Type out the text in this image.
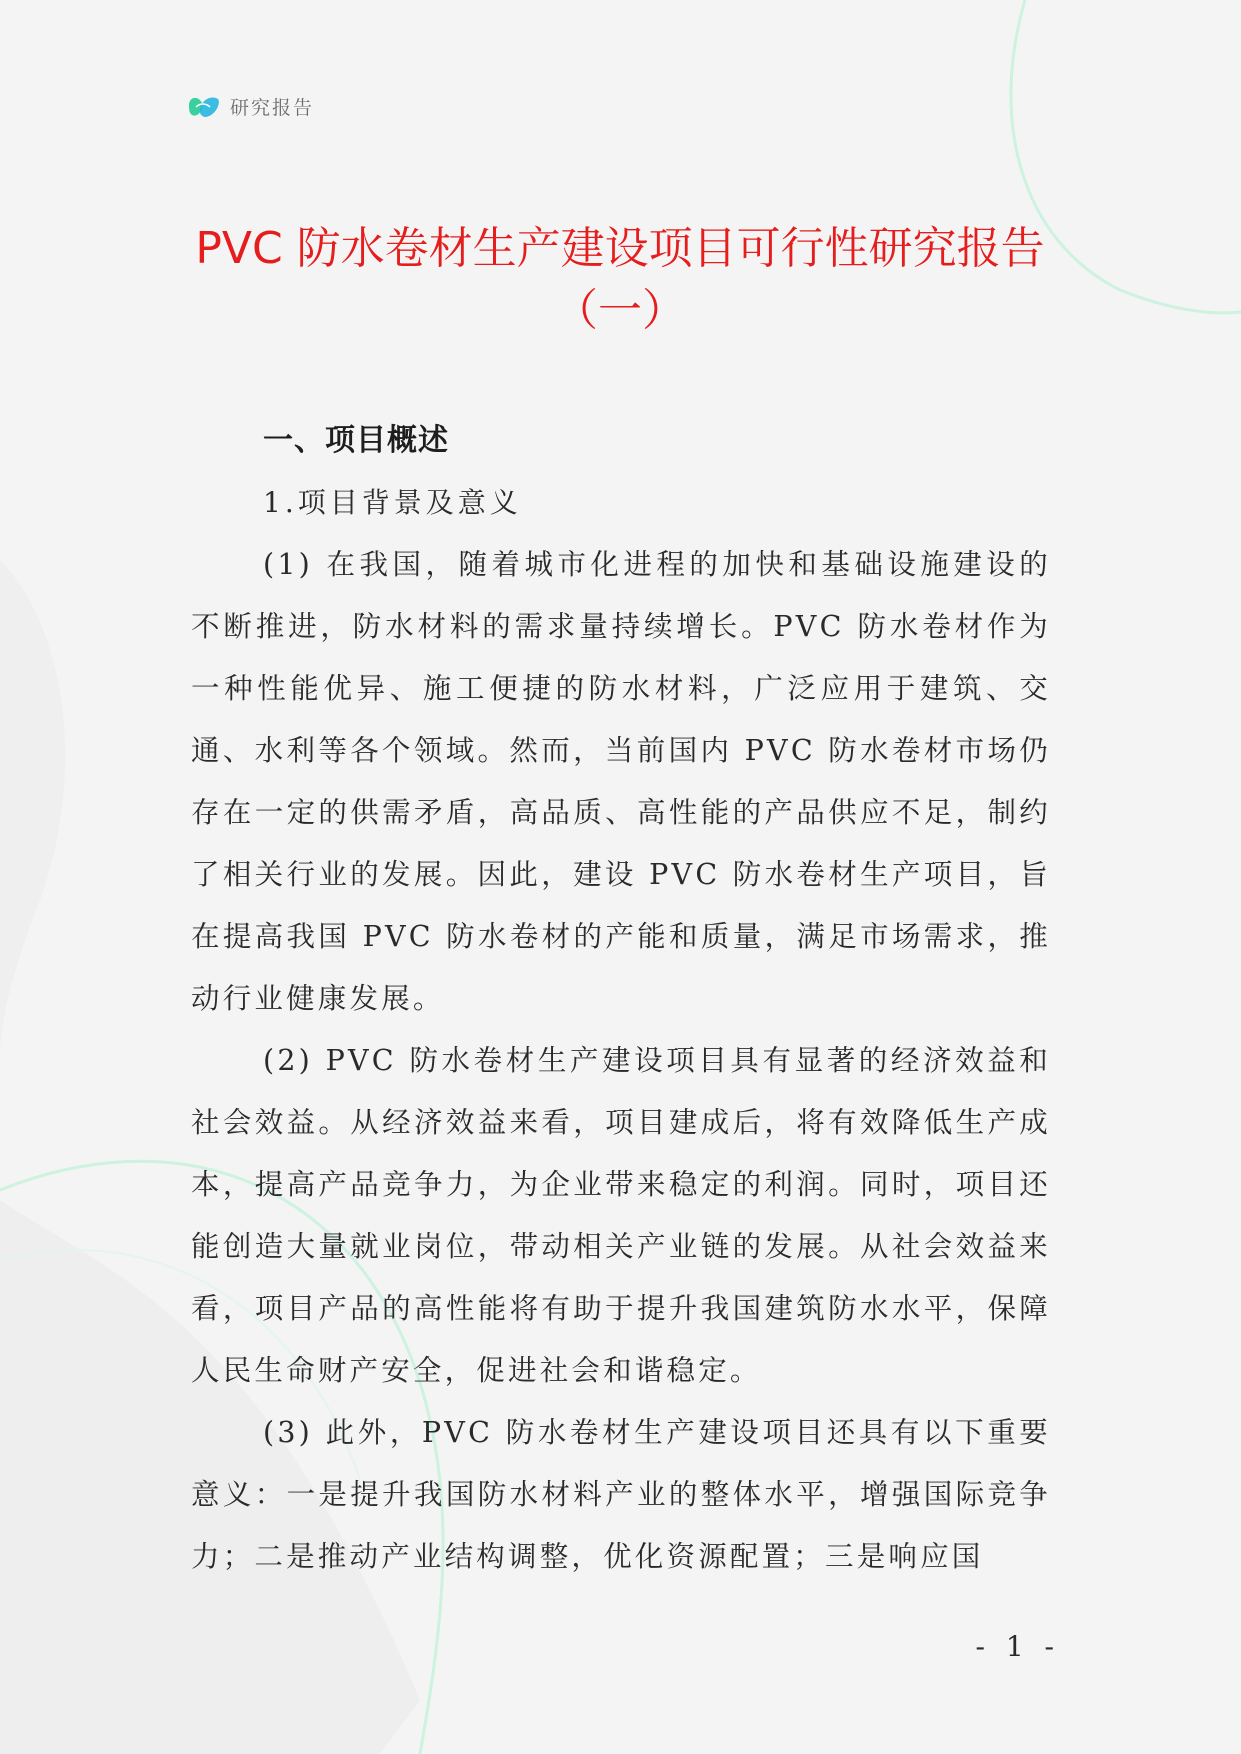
研究报告
PVC 防水卷材生产建设项目可行性研究报告（一）
一、项目概述
1.项目背景及意义

(1) 在我国，随着城市化进程的加快和基础设施建设的不断推进，防水材料的需求量持续增长。PVC 防水卷材作为一种性能优异、施工便捷的防水材料，广泛应用于建筑、交通、水利等各个领域。然而，当前国内 PVC 防水卷材市场仍存在一定的供需矛盾，高品质、高性能的产品供应不足，制约了相关行业的发展。因此，建设 PVC 防水卷材生产项目，旨在提高我国 PVC 防水卷材的产能和质量，满足市场需求，推动行业健康发展。

(2) PVC 防水卷材生产建设项目具有显著的经济效益和社会效益。从经济效益来看，项目建成后，将有效降低生产成本，提高产品竞争力，为企业带来稳定的利润。同时，项目还能创造大量就业岗位，带动相关产业链的发展。从社会效益来看，项目产品的高性能将有助于提升我国建筑防水水平，保障人民生命财产安全，促进社会和谐稳定。

(3) 此外，PVC 防水卷材生产建设项目还具有以下重要意义：一是提升我国防水材料产业的整体水平，增强国际竞争力；二是推动产业结构调整，优化资源配置；三是响应国

- 1 -
